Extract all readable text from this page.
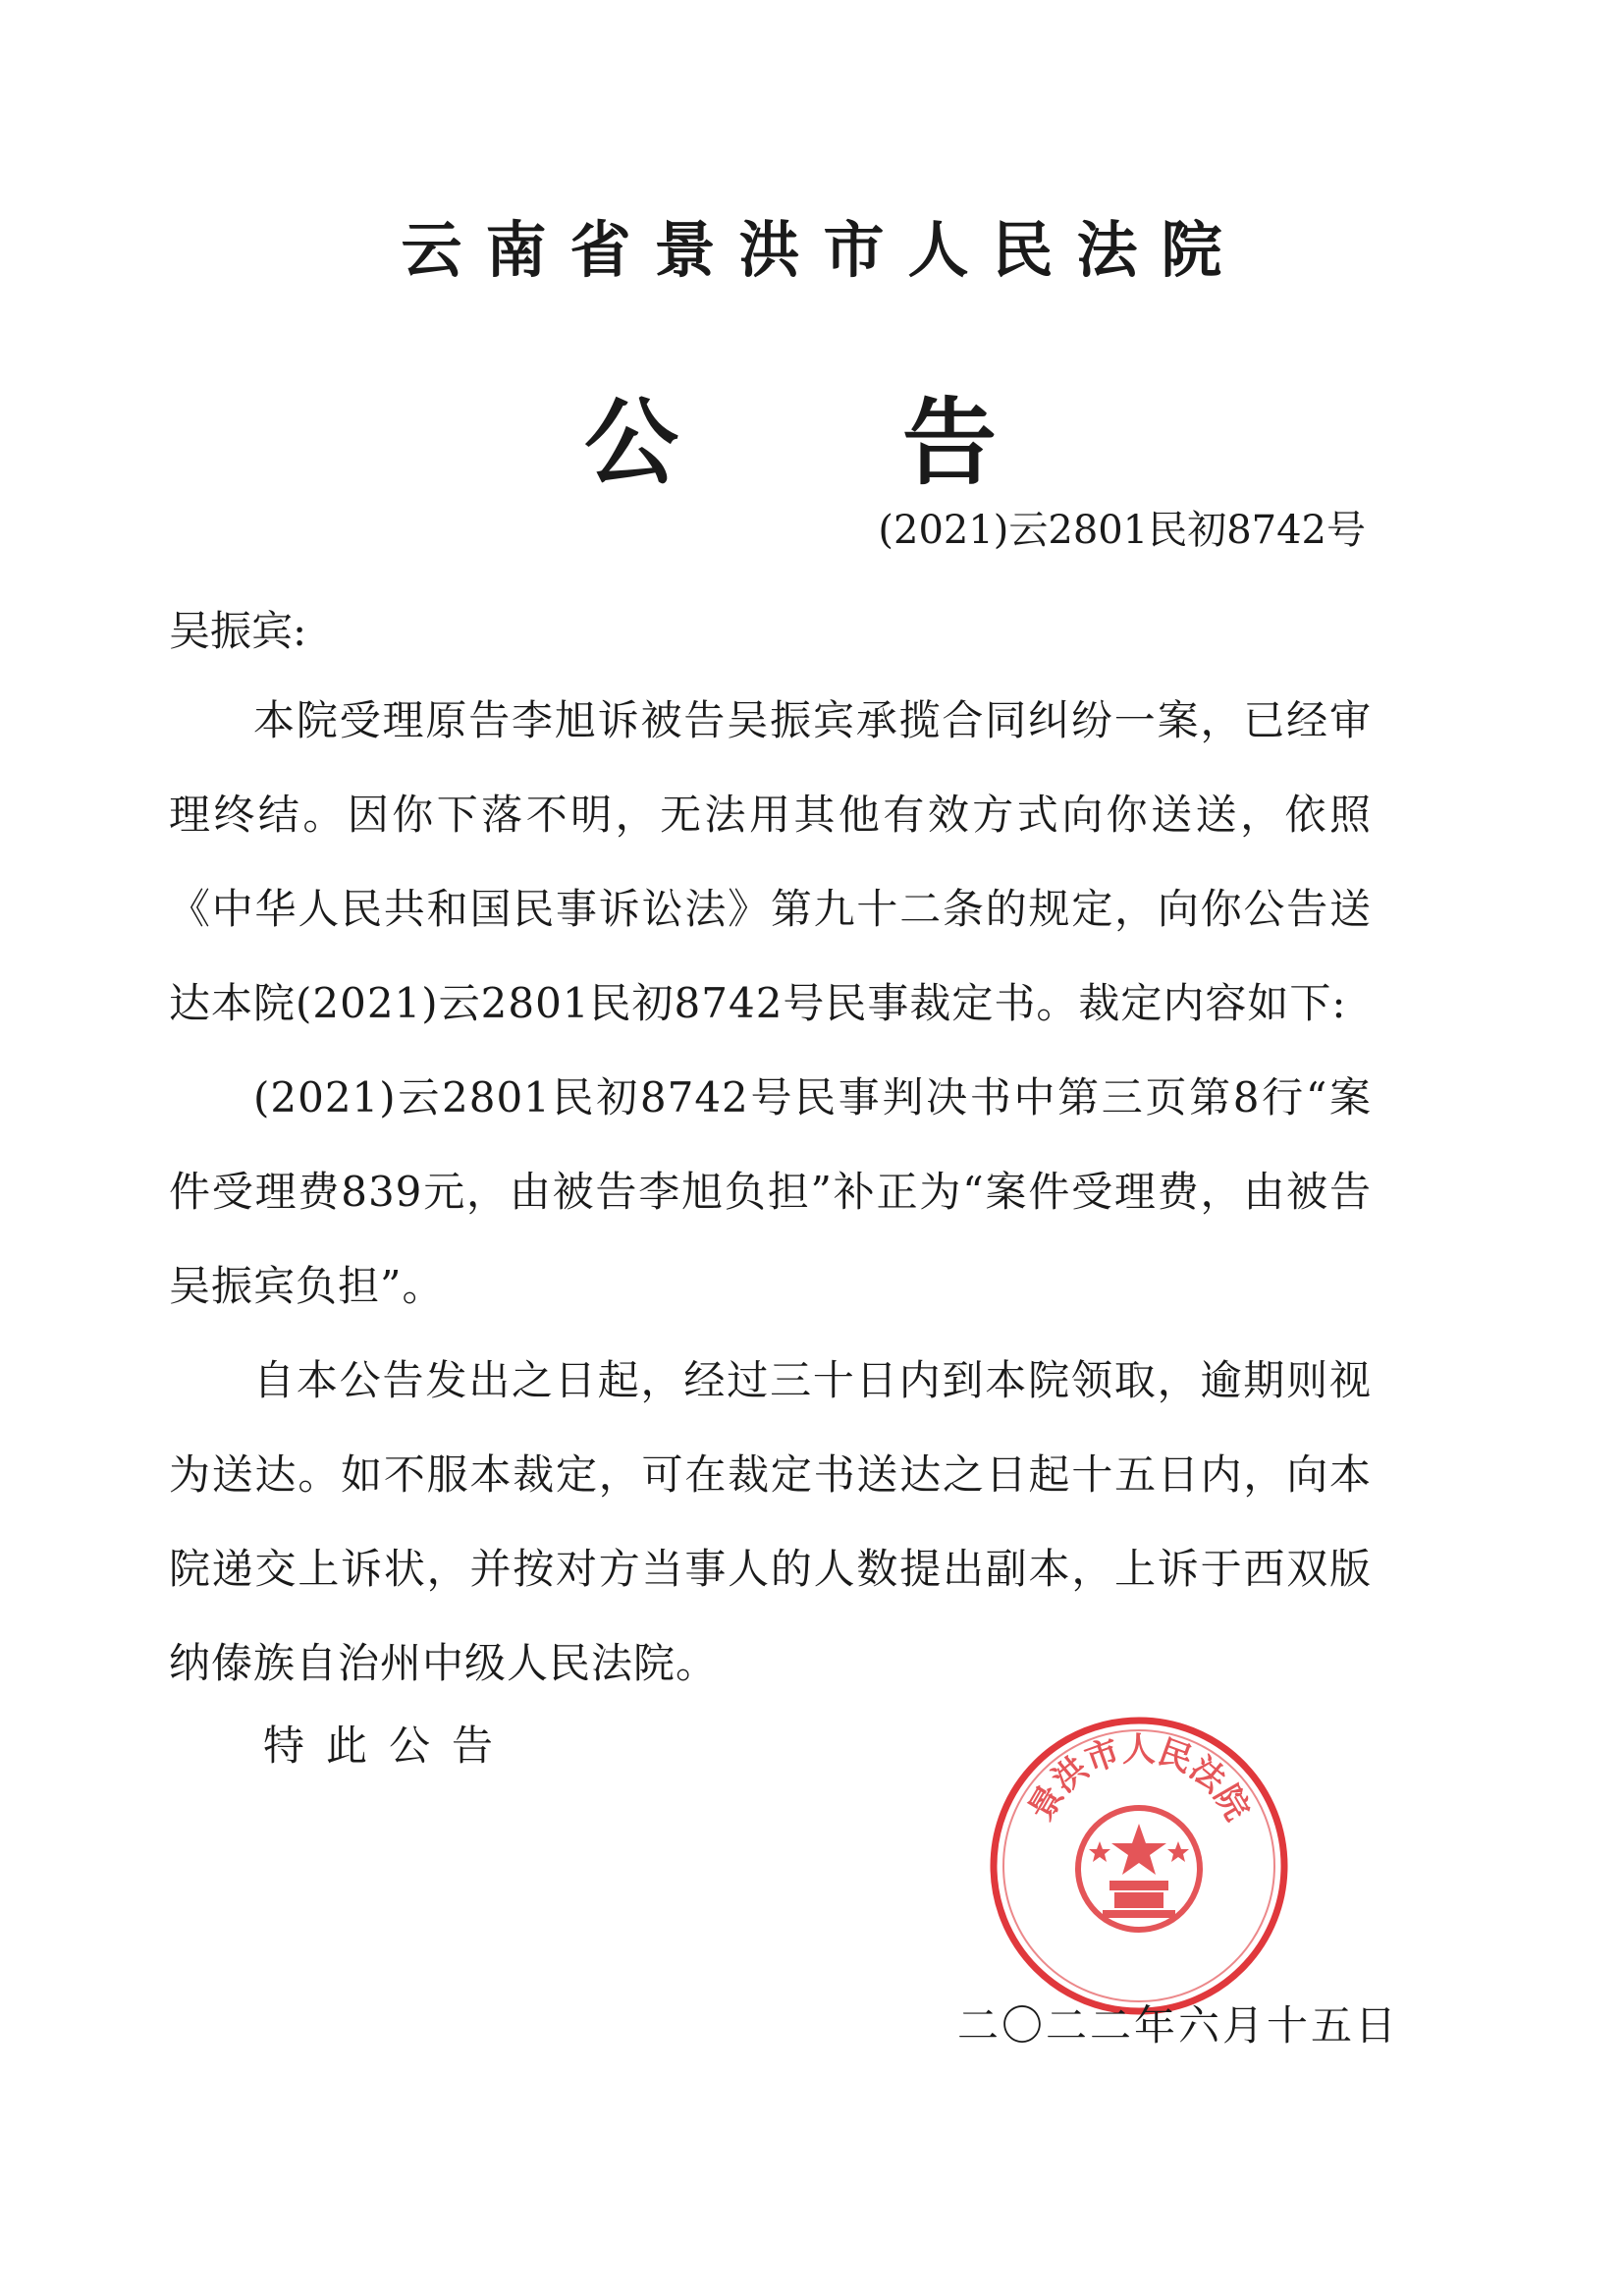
云南省景洪市人民法院
公 告
(2021)云2801民初8742号
吴振宾:

本院受理原告李旭诉被告吴振宾承揽合同纠纷一案，已经审理终结。因你下落不明，无法用其他有效方式向你送送，依照《中华人民共和国民事诉讼法》第九十二条的规定，向你公告送达本院(2021)云2801民初8742号民事裁定书。裁定内容如下:

(2021)云2801民初8742号民事判决书中第三页第8行“案件受理费839元，由被告李旭负担”补正为“案件受理费，由被告吴振宾负担”。

自本公告发出之日起，经过三十日内到本院领取，逾期则视为送达。如不服本裁定，可在裁定书送达之日起十五日内，向本院递交上诉状，并按对方当事人的人数提出副本，上诉于西双版纳傣族自治州中级人民法院。

特此公告
景洪市人民法院
二〇二二年六月十五日
